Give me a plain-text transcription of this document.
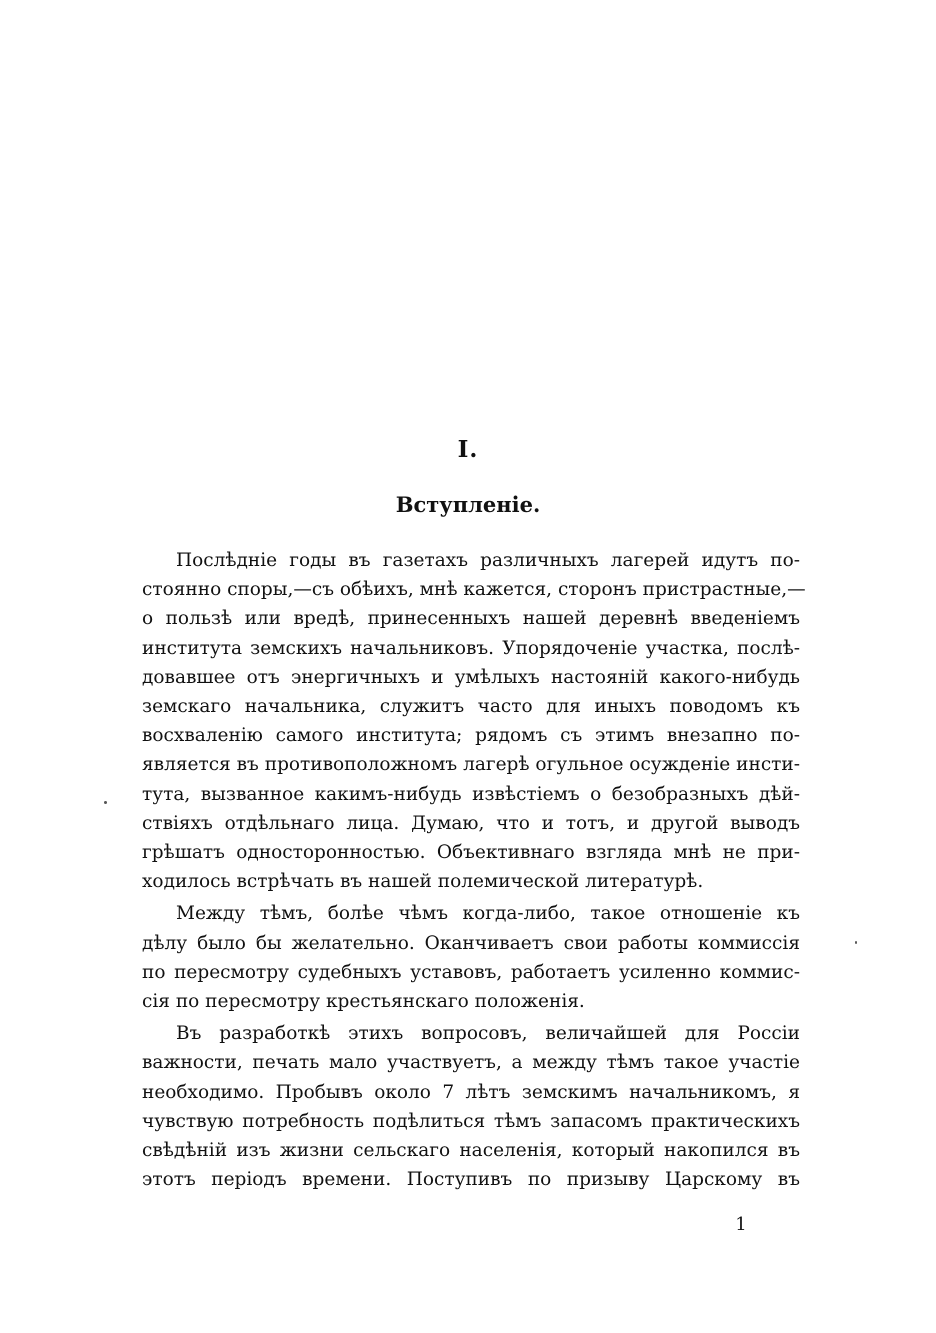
I.
Вступленіе.
Послѣдніе годы въ газетахъ различныхъ лагерей идутъ по-
стоянно споры,—съ обѣихъ, мнѣ кажется, сторонъ пристрастные,—
о пользѣ или вредѣ, принесенныхъ нашей деревнѣ введеніемъ
института земскихъ начальниковъ. Упорядоченіе участка, послѣ-
довавшее отъ энергичныхъ и умѣлыхъ настояній какого-нибудь
земскаго начальника, служитъ часто для иныхъ поводомъ къ
восхваленію самого института; рядомъ съ этимъ внезапно по-
является въ противоположномъ лагерѣ огульное осужденіе инсти-
тута, вызванное какимъ-нибудь извѣстіемъ о безобразныхъ дѣй-
ствіяхъ отдѣльнаго лица. Думаю, что и тотъ, и другой выводъ
грѣшатъ односторонностью. Объективнаго взгляда мнѣ не при-
ходилось встрѣчать въ нашей полемической литературѣ.
Между тѣмъ, болѣе чѣмъ когда-либо, такое отношеніе къ
дѣлу было бы желательно. Оканчиваетъ свои работы коммиссія
по пересмотру судебныхъ уставовъ, работаетъ усиленно коммис-
сія по пересмотру крестьянскаго положенія.
Въ разработкѣ этихъ вопросовъ, величайшей для Россіи
важности, печать мало участвуетъ, а между тѣмъ такое участіе
необходимо. Пробывъ около 7 лѣтъ земскимъ начальникомъ, я
чувствую потребность подѣлиться тѣмъ запасомъ практическихъ
свѣдѣній изъ жизни сельскаго населенія, который накопился въ
этотъ періодъ времени. Поступивъ по призыву Царскому въ
1
